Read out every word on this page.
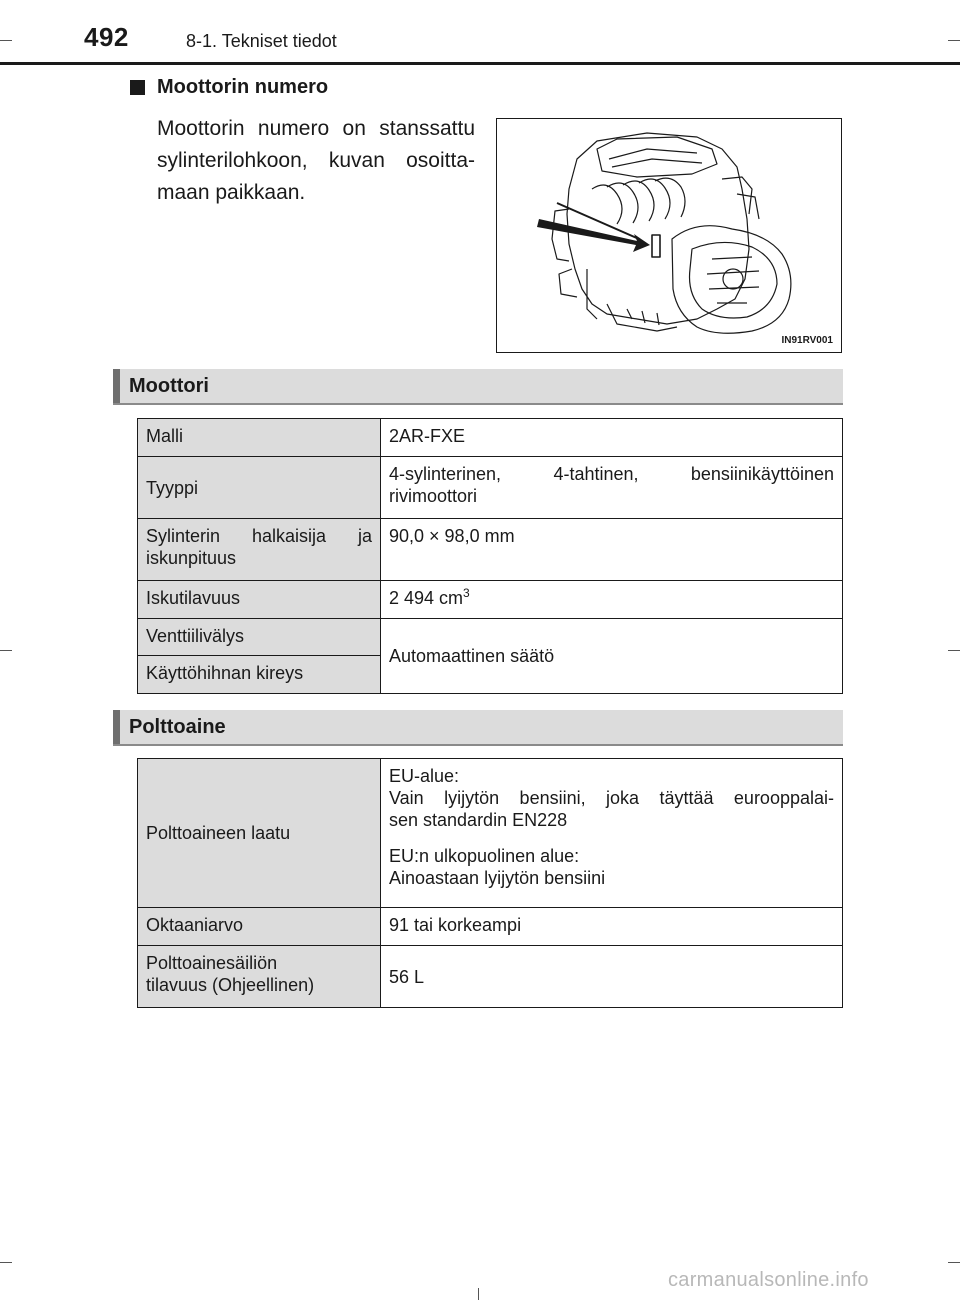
492	8-1. Tekniset tiedot
Moottorin numero
Moottorin numero on stanssattu
sylinterilohkoon, kuvan osoitta-
maan paikkaan.
IN91RV001
Moottori
Malli	2AR-FXE
Tyyppi	4-sylinterinen, 4-tahtinen, bensiinikäyttöinen
rivimoottori

Sylinterin halkaisija ja
iskunpituus	90,0 × 98,0 mm
Iskutilavuus	2 494 $cm^3$
Venttiilivälys	Automaattinen säätö
Käyttöhihnan kireys	
Polttoaine
Polttoaineen laatu	EU-alue:
Vain lyijytön bensiini, joka täyttää eurooppalai-
sen standardin EN228
EU:n ulkopuolinen alue:
Ainoastaan lyijytön bensiini

Oktaaniarvo	91 tai korkeampi

Polttoainesäiliön
tilavuus (Ohjeellinen)	56 L
carmanualsonline.info
